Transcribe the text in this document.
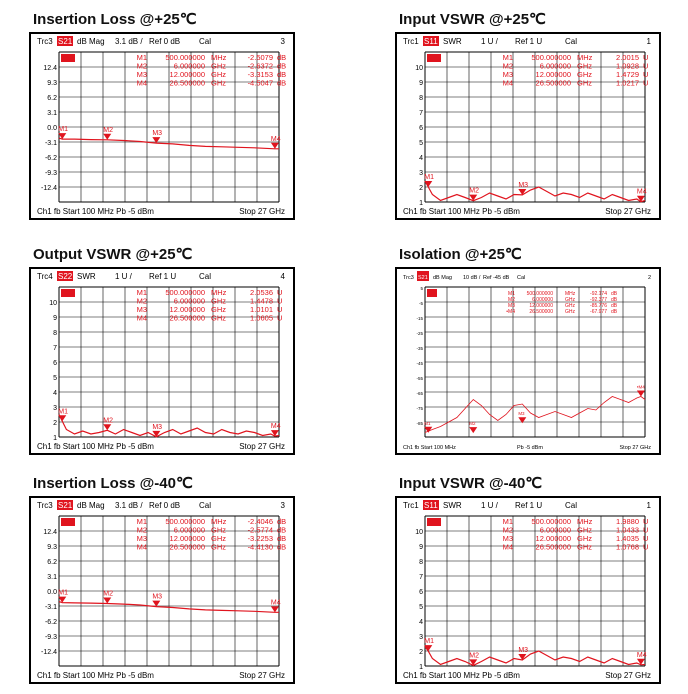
Insertion Loss @+25℃
Trc3 S21 dB Mag 3.1 dB / Ref 0 dB Cal	3
12.4
9.3
6.2
3.1
0.0
-3.1
-6.2
-9.3
-12.4
M1 500.000000 MHz	-2.5079 dB
M2	6.000000 GHz	-2.6372 dB
M3	12.000000 GHz	-3.3153 dB
M4	26.500000 GHz	-4.5047 dB
M1	M2	M3
M4
Ch1 fb Start 100 MHz Pb -5 dBm	Stop 27 GHz
Input VSWR @+25℃
Trc1 S11 SWR 1 U / Ref 1 U	Cal	1
10
9
8
7
6
5
4
3
2
1
M1 500.000000 MHz	2.0015 U
M2	6.000000 GHz	1.0928 U
M3	12.000000 GHz	1.4729 U
M4	26.500000 GHz	1.0217 U
M1
M2
M3
M4
Ch1 fb Start 100 MHz Pb -5 dBm	Stop 27 GHz
Output VSWR @+25℃
Trc4 S22 SWR 1 U / Ref 1 U	Cal	4
10
9
8
7
6
5
4
3
2
1
M1 500.000000 MHz	2.0536 U
M2	6.000000 GHz	1.4478 U
M3	12.000000 GHz	1.0101 U
M4	26.500000 GHz	1.0605 U
M1
M2
M3	M4
Ch1 fb Start 100 MHz Pb -5 dBm	Stop 27 GHz
Isolation @+25℃
Trc3 S21 dB Mag 10 dB / Ref -45 dB Cal	2
5
-5
-15
-25
-35
-45
-55
-65
-75
-85
M1 500.000000 MHz	-92.174 dB
M2	6.000000 GHz	-92.377 dB
M3	12.000000 GHz	-85.776 dB
•M4	26.500000 GHz	-67.977 dB
M1	M2
M3
•M4
Ch1 fb Start 100 MHz	Pb -5 dBm	Stop 27 GHz
Insertion Loss @-40℃
Trc3 S21 dB Mag 3.1 dB / Ref 0 dB Cal	3
12.4
9.3
6.2
3.1
0.0
-3.1
-6.2
-9.3
-12.4
M1 500.000000 MHz	-2.4046 dB
M2	6.000000 GHz	-2.5774 dB
M3	12.000000 GHz	-3.2253 dB
M4	26.500000 GHz	-4.4130 dB
M1	M2	M3
M4
Ch1 fb Start 100 MHz Pb -5 dBm	Stop 27 GHz
Input VSWR @-40℃
Trc1 S11 SWR 1 U / Ref 1 U	Cal	1
10
9
8
7
6
5
4
3
2
1
M1 500.000000 MHz	1.9880 U
M2	6.000000 GHz	1.0433 U
M3	12.000000 GHz	1.4035 U
M4	26.500000 GHz	1.0768 U
M1
M2
M3
M4
Ch1 fb Start 100 MHz Pb -5 dBm	Stop 27 GHz
